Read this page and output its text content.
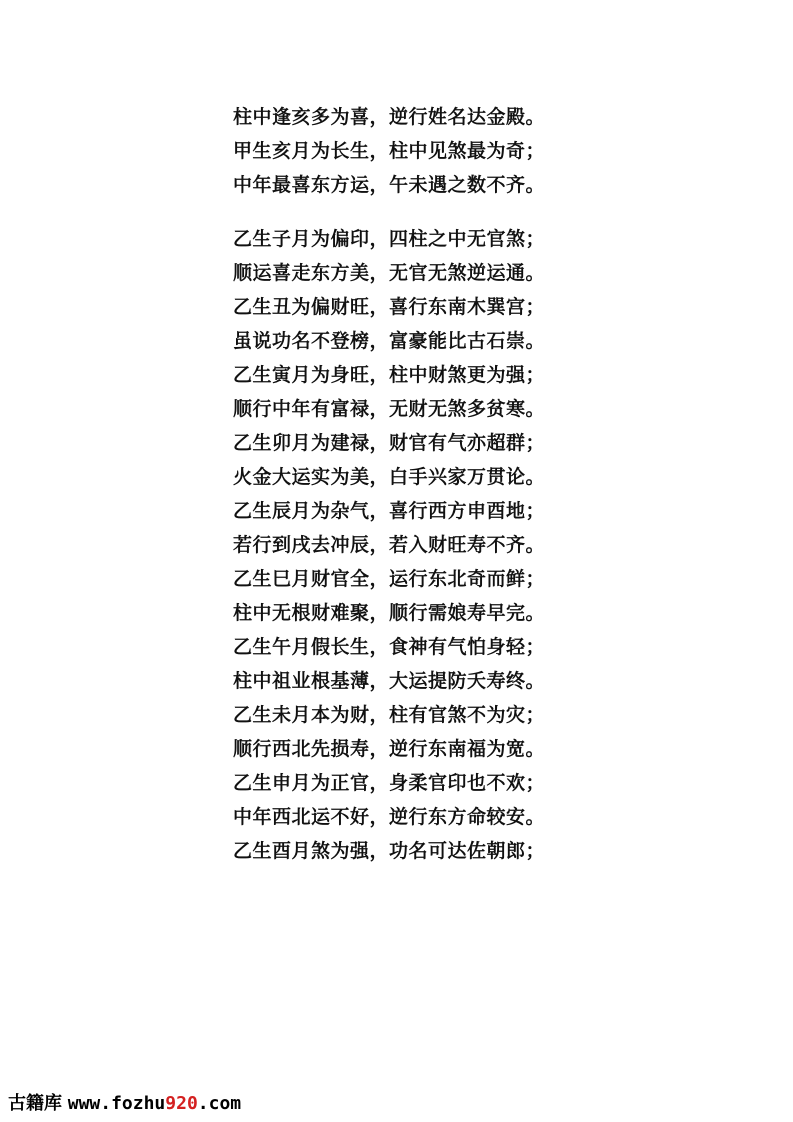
柱中逢亥多为喜，逆行姓名达金殿。
甲生亥月为长生，柱中见煞最为奇；
中年最喜东方运，午未遇之数不齐。
乙生子月为偏印，四柱之中无官煞；
顺运喜走东方美，无官无煞逆运通。
乙生丑为偏财旺，喜行东南木巽宫；
虽说功名不登榜，富豪能比古石崇。
乙生寅月为身旺，柱中财煞更为强；
顺行中年有富禄，无财无煞多贫寒。
乙生卯月为建禄，财官有气亦超群；
火金大运实为美，白手兴家万贯论。
乙生辰月为杂气，喜行西方申酉地；
若行到戌去冲辰，若入财旺寿不齐。
乙生巳月财官全，运行东北奇而鲜；
柱中无根财难聚，顺行需娘寿早完。
乙生午月假长生，食神有气怕身轻；
柱中祖业根基薄，大运提防夭寿终。
乙生未月本为财，柱有官煞不为灾；
顺行西北先损寿，逆行东南福为宽。
乙生申月为正官，身柔官印也不欢；
中年西北运不好，逆行东方命较安。
乙生酉月煞为强，功名可达佐朝郎；
古籍库 www.fozhu920.com
